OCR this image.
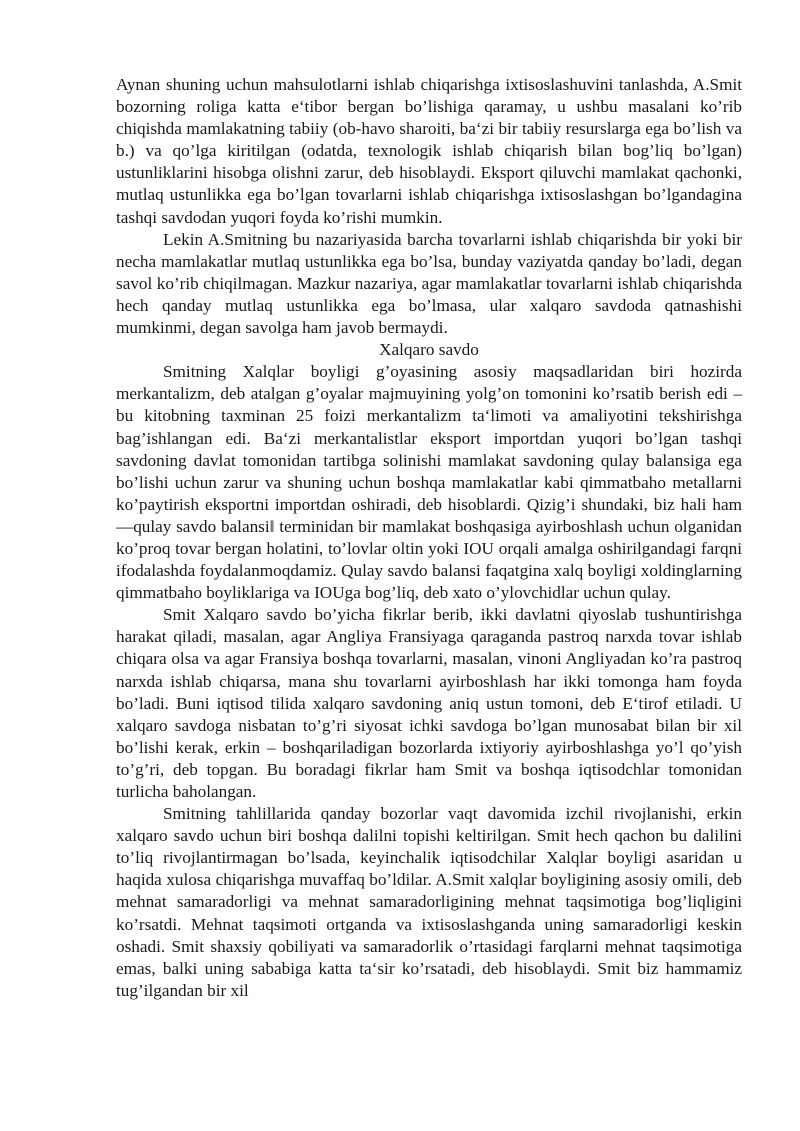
Aynan shuning uchun mahsulotlarni ishlab chiqarishga ixtisoslashuvini tanlashda, A.Smit bozorning roliga katta e‘tibor bergan bo’lishiga qaramay, u ushbu masalani ko’rib chiqishda mamlakatning tabiiy (ob-havo sharoiti, ba‘zi bir tabiiy resurslarga ega bo’lish va b.) va qo’lga kiritilgan (odatda, texnologik ishlab chiqarish bilan bog’liq bo’lgan) ustunliklarini hisobga olishni zarur, deb hisoblaydi. Eksport qiluvchi mamlakat qachonki, mutlaq ustunlikka ega bo’lgan tovarlarni ishlab chiqarishga ixtisoslashgan bo’lgandagina tashqi savdodan yuqori foyda ko’rishi mumkin.

Lekin A.Smitning bu nazariyasida barcha tovarlarni ishlab chiqarishda bir yoki bir necha mamlakatlar mutlaq ustunlikka ega bo’lsa, bunday vaziyatda qanday bo’ladi, degan savol ko’rib chiqilmagan. Mazkur nazariya, agar mamlakatlar tovarlarni ishlab chiqarishda hech qanday mutlaq ustunlikka ega bo’lmasa, ular xalqaro savdoda qatnashishi mumkinmi, degan savolga ham javob bermaydi.

Xalqaro savdo

Smitning Xalqlar boyligi g’oyasining asosiy maqsadlaridan biri hozirda merkantalizm, deb atalgan g’oyalar majmuyining yolg’on tomonini ko’rsatib berish edi – bu kitobning taxminan 25 foizi merkantalizm ta‘limoti va amaliyotini tekshirishga bag’ishlangan edi. Ba‘zi merkantalistlar eksport importdan yuqori bo’lgan tashqi savdoning davlat tomonidan tartibga solinishi mamlakat savdoning qulay balansiga ega bo’lishi uchun zarur va shuning uchun boshqa mamlakatlar kabi qimmatbaho metallarni ko’paytirish eksportni importdan oshiradi, deb hisoblardi. Qizig’i shundaki, biz hali ham ―qulay savdo balansi‖ terminidan bir mamlakat boshqasiga ayirboshlash uchun olganidan ko’proq tovar bergan holatini, to’lovlar oltin yoki IOU orqali amalga oshirilgandagi farqni ifodalashda foydalanmoqdamiz. Qulay savdo balansi faqatgina xalq boyligi xoldinglarning qimmatbaho boyliklariga va IOUga bog’liq, deb xato o’ylovchidlar uchun qulay.

Smit Xalqaro savdo bo’yicha fikrlar berib, ikki davlatni qiyoslab tushuntirishga harakat qiladi, masalan, agar Angliya Fransiyaga qaraganda pastroq narxda tovar ishlab chiqara olsa va agar Fransiya boshqa tovarlarni, masalan, vinoni Angliyadan ko’ra pastroq narxda ishlab chiqarsa, mana shu tovarlarni ayirboshlash har ikki tomonga ham foyda bo’ladi. Buni iqtisod tilida xalqaro savdoning aniq ustun tomoni, deb E‘tirof etiladi. U xalqaro savdoga nisbatan to’g’ri siyosat ichki savdoga bo’lgan munosabat bilan bir xil bo’lishi kerak, erkin – boshqariladigan bozorlarda ixtiyoriy ayirboshlashga yo’l qo’yish to’g’ri, deb topgan. Bu boradagi fikrlar ham Smit va boshqa iqtisodchlar tomonidan turlicha baholangan.

Smitning tahlillarida qanday bozorlar vaqt davomida izchil rivojlanishi, erkin xalqaro savdo uchun biri boshqa dalilni topishi keltirilgan. Smit hech qachon bu dalilini to’liq rivojlantirmagan bo’lsada, keyinchalik iqtisodchilar Xalqlar boyligi asaridan u haqida xulosa chiqarishga muvaffaq bo’ldilar. A.Smit xalqlar boyligining asosiy omili, deb mehnat samaradorligi va mehnat samaradorligining mehnat taqsimotiga bog’liqligini ko’rsatdi. Mehnat taqsimoti ortganda va ixtisoslashganda uning samaradorligi keskin oshadi. Smit shaxsiy qobiliyati va samaradorlik o’rtasidagi farqlarni mehnat taqsimotiga emas, balki uning sababiga katta ta‘sir ko’rsatadi, deb hisoblaydi. Smit biz hammamiz tug’ilgandan bir xil
